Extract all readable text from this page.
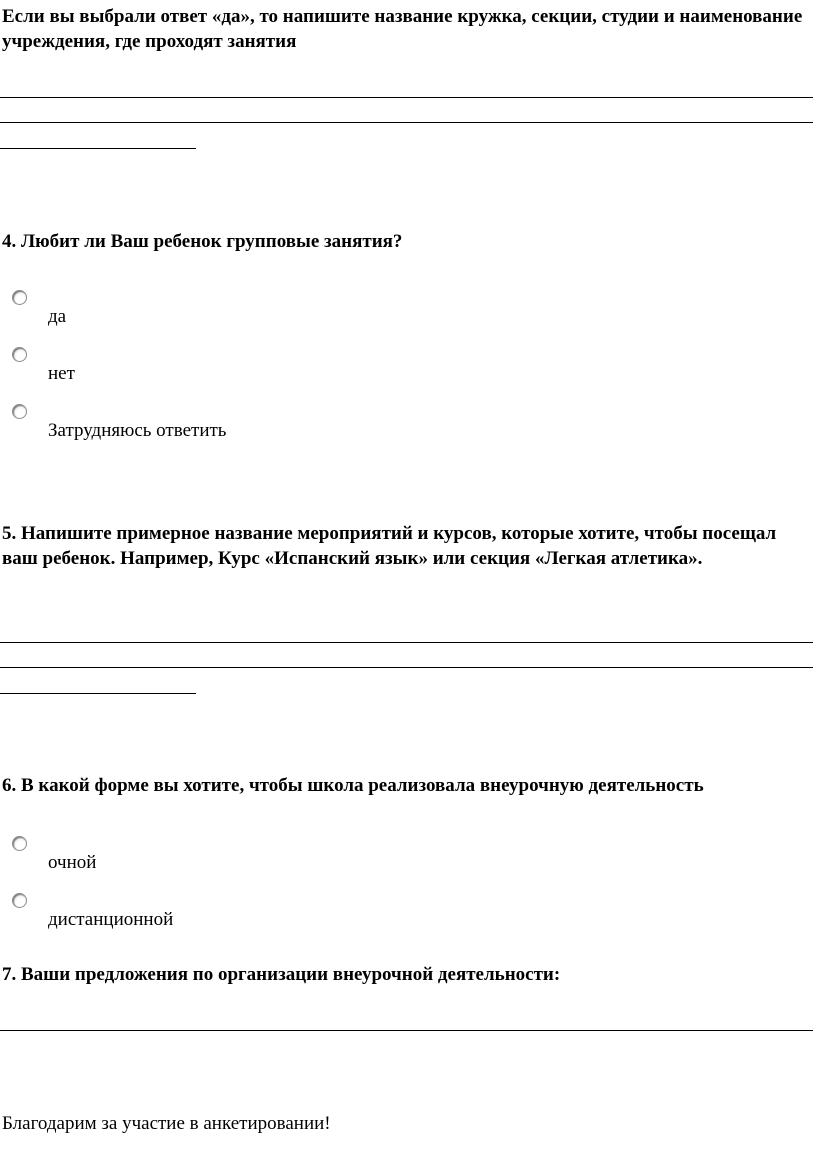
Если вы выбрали ответ «да», то напишите название кружка, секции, студии и наименование учреждения, где проходят занятия

4. Любит ли Ваш ребенок групповые занятия?

да
нет
Затрудняюсь ответить

5. Напишите примерное название мероприятий и курсов, которые хотите, чтобы посещал ваш ребенок. Например, Курс «Испанский язык» или секция «Легкая атлетика».

6. В какой форме вы хотите, чтобы школа реализовала внеурочную деятельность

очной
дистанционной

7. Ваши предложения по организации внеурочной деятельности:

Благодарим за участие в анкетировании!
